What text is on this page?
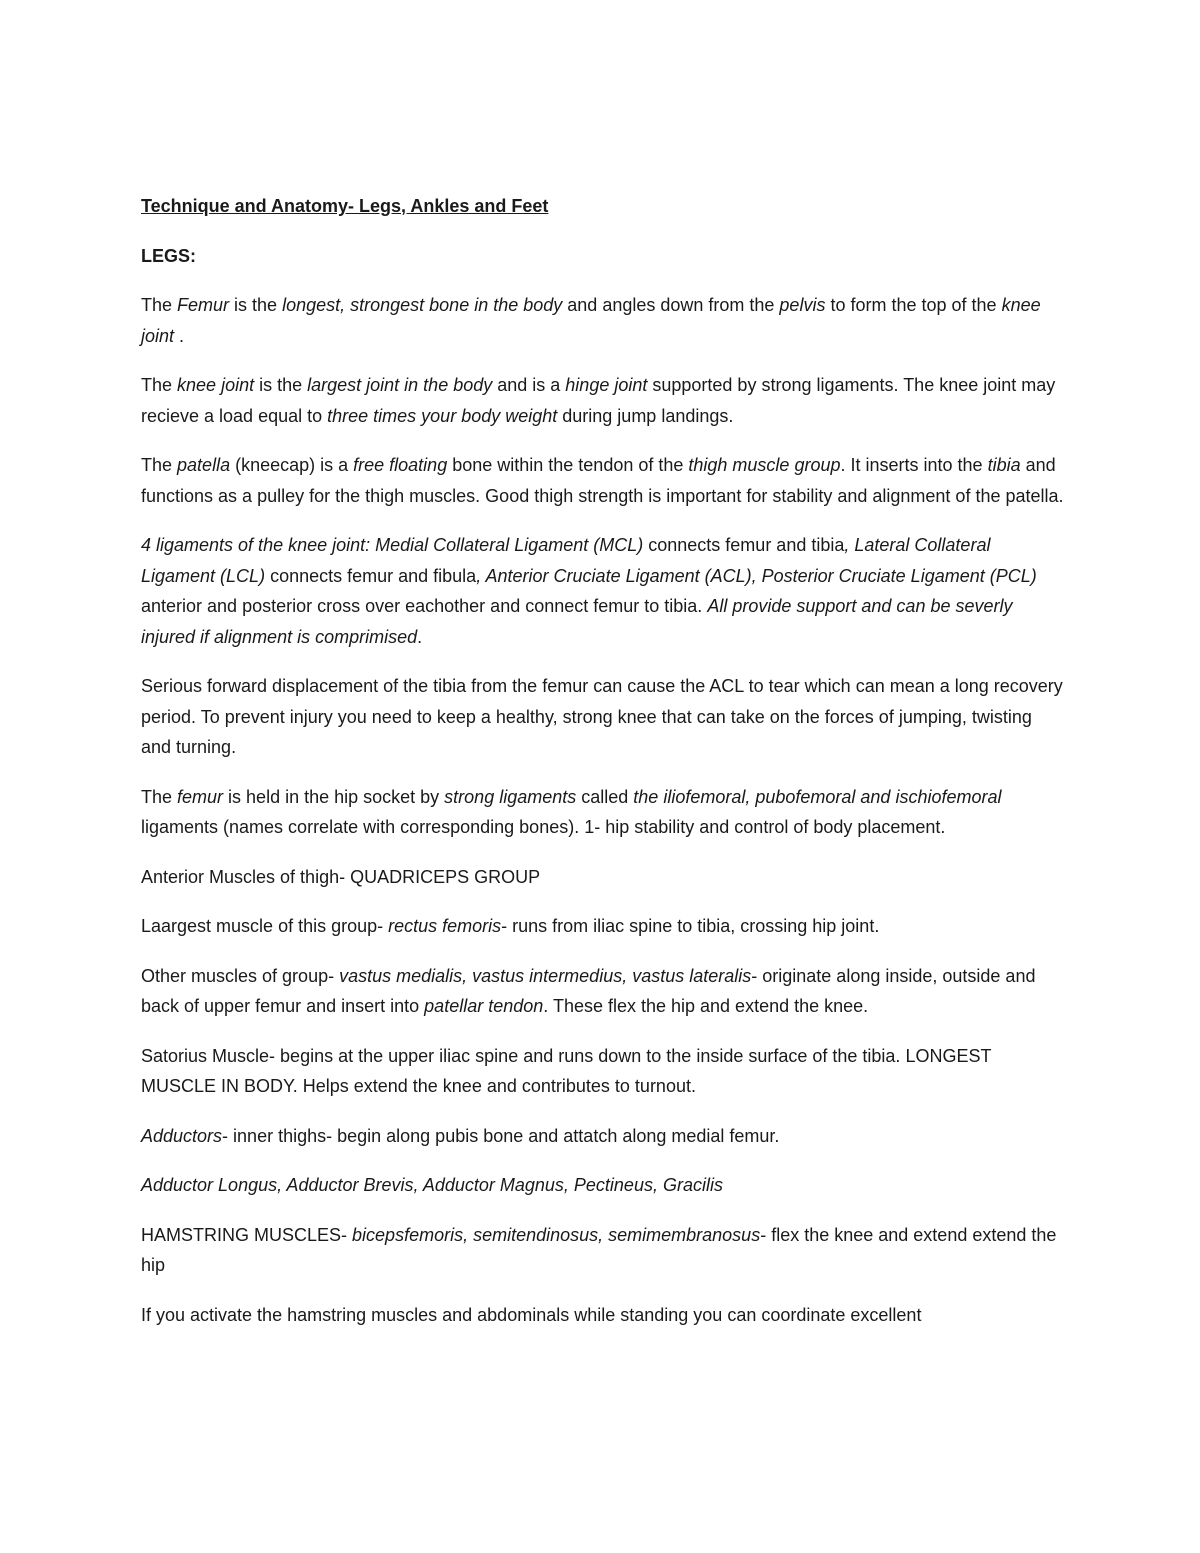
Technique and Anatomy- Legs, Ankles and Feet

LEGS:

The Femur is the longest, strongest bone in the body and angles down from the pelvis to form the top of the knee joint .

The knee joint is the largest joint in the body and is a hinge joint supported by strong ligaments. The knee joint may recieve a load equal to three times your body weight during jump landings.

The patella (kneecap) is a free floating bone within the tendon of the thigh muscle group. It inserts into the tibia and functions as a pulley for the thigh muscles. Good thigh strength is important for stability and alignment of the patella.

4 ligaments of the knee joint: Medial Collateral Ligament (MCL) connects femur and tibia, Lateral Collateral Ligament (LCL) connects femur and fibula, Anterior Cruciate Ligament (ACL), Posterior Cruciate Ligament (PCL) anterior and posterior cross over eachother and connect femur to tibia. All provide support and can be severly injured if alignment is comprimised.

Serious forward displacement of the tibia from the femur can cause the ACL to tear which can mean a long recovery period. To prevent injury you need to keep a healthy, strong knee that can take on the forces of jumping, twisting and turning.

The femur is held in the hip socket by strong ligaments called the iliofemoral, pubofemoral and ischiofemoral ligaments (names correlate with corresponding bones). 1- hip stability and control of body placement.

Anterior Muscles of thigh- QUADRICEPS GROUP

Laargest muscle of this group- rectus femoris- runs from iliac spine to tibia, crossing hip joint.

Other muscles of group- vastus medialis, vastus intermedius, vastus lateralis- originate along inside, outside and back of upper femur and insert into patellar tendon. These flex the hip and extend the knee.

Satorius Muscle- begins at the upper iliac spine and runs down to the inside surface of the tibia. LONGEST MUSCLE IN BODY. Helps extend the knee and contributes to turnout.

Adductors- inner thighs- begin along pubis bone and attatch along medial femur.

Adductor Longus, Adductor Brevis, Adductor Magnus, Pectineus, Gracilis

HAMSTRING MUSCLES- bicepsfemoris, semitendinosus, semimembranosus- flex the knee and extend extend the hip

If you activate the hamstring muscles and abdominals while standing you can coordinate excellent
